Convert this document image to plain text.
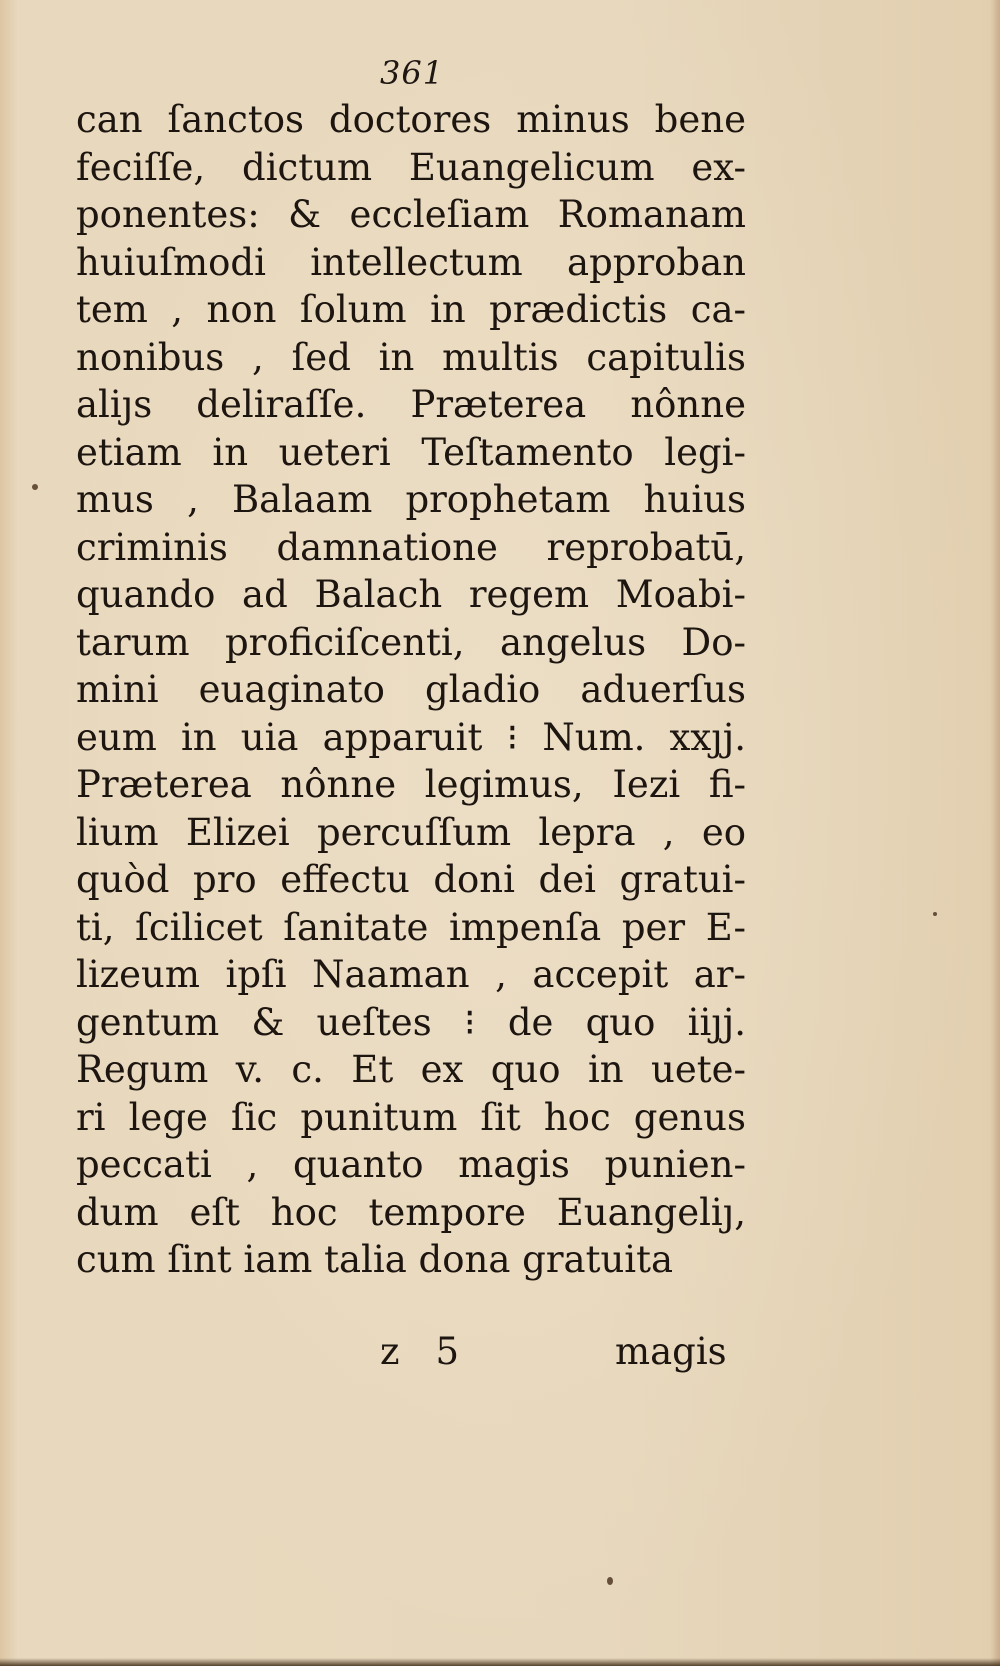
361
can ſanctos doctores minus bene
feciſſe, dictum Euangelicum ex-
ponentes: & eccleſiam Romanam
huiuſmodi intellectum approban
tem , non ſolum in prædictis ca-
nonibus , ſed in multis capitulis
aliȷs deliraſſe. Præterea nônne
etiam in ueteri Teſtamento legi-
mus , Balaam prophetam huius
criminis damnatione reprobatū,
quando ad Balach regem Moabi-
tarum proficiſcenti, angelus Do-
mini euaginato gladio aduerſus
eum in uia apparuit ⁝ Num. xxȷj.
Præterea nônne legimus, Iezi fi-
lium Elizei percuſſum lepra , eo
quòd pro effectu doni dei gratui-
ti, ſcilicet ſanitate impenſa per E-
lizeum ipſi Naaman , accepit ar-
gentum & ueſtes ⁝ de quo iiȷj.
Regum v. c. Et ex quo in uete-
ri lege ſic punitum ſit hoc genus
peccati , quanto magis punien-
dum eſt hoc tempore Euangeliȷ,
cum ſint iam talia dona gratuita
z 5	magis
